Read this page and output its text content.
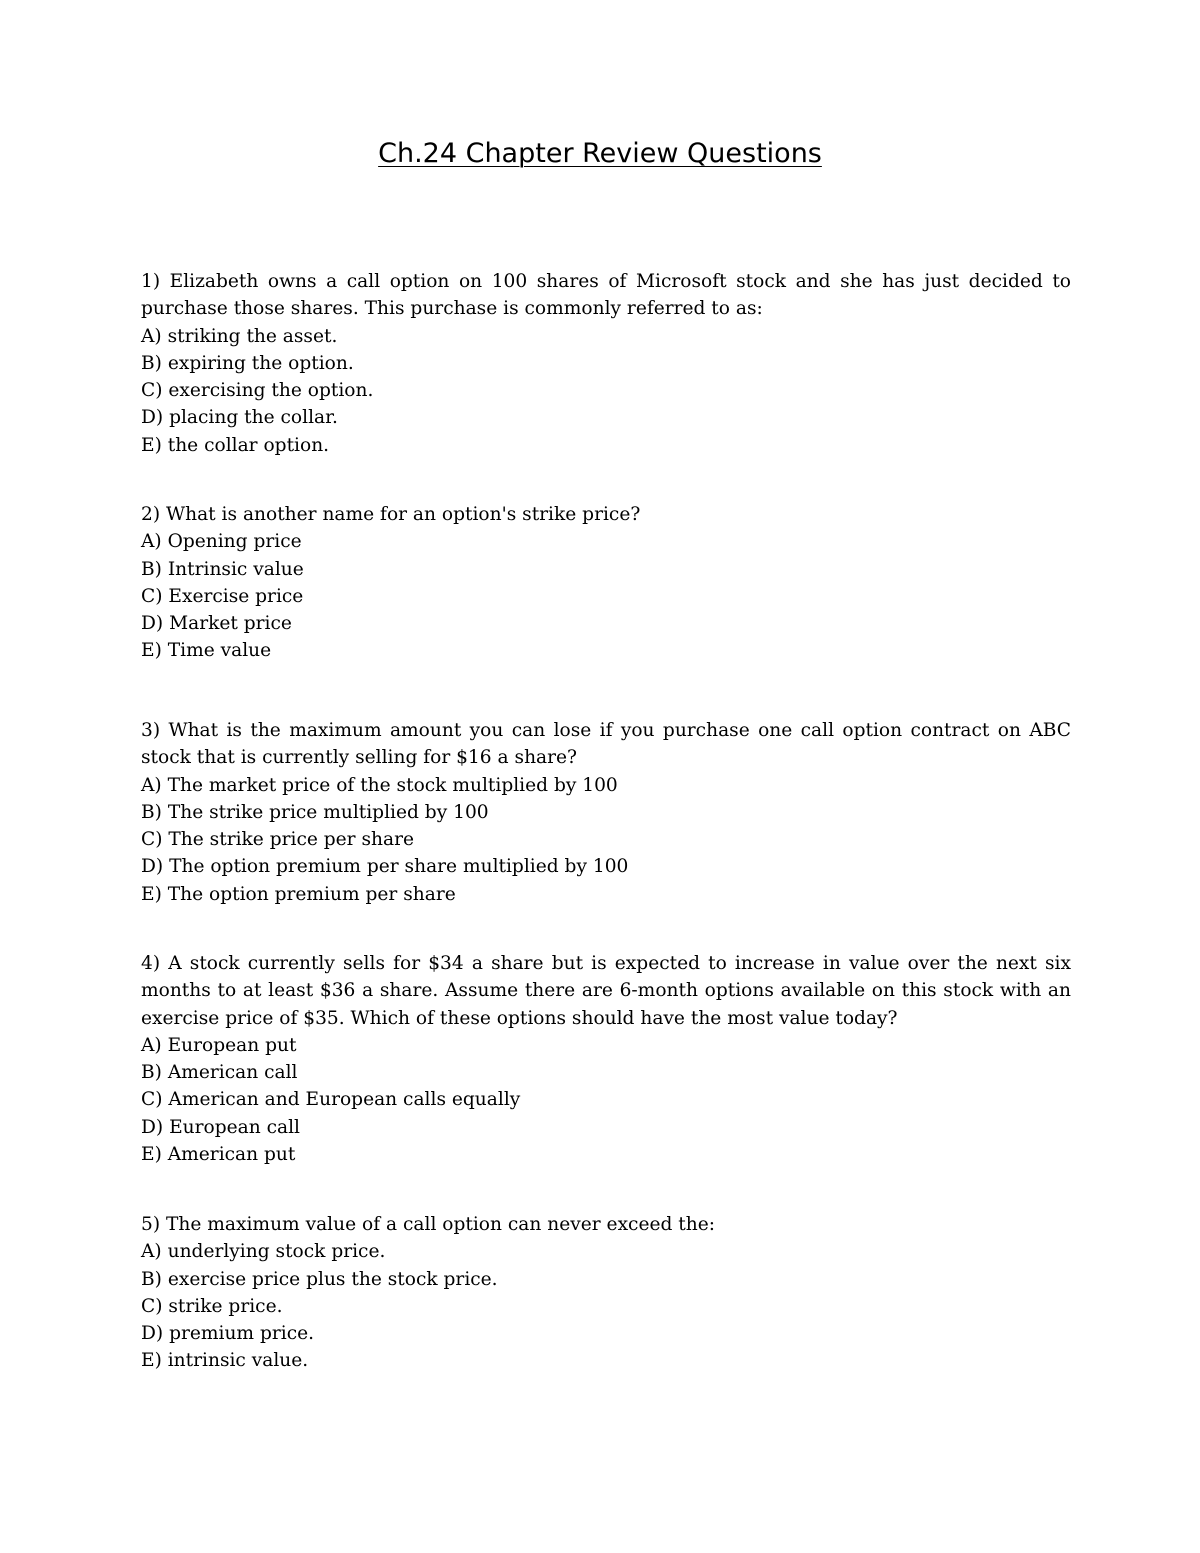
Ch.24 Chapter Review Questions

1) Elizabeth owns a call option on 100 shares of Microsoft stock and she has just decided to purchase those shares. This purchase is commonly referred to as:

A) striking the asset.

B) expiring the option.

C) exercising the option.

D) placing the collar.

E) the collar option.

2) What is another name for an option's strike price?

A) Opening price

B) Intrinsic value

C) Exercise price

D) Market price

E) Time value

3) What is the maximum amount you can lose if you purchase one call option contract on ABC stock that is currently selling for $16 a share?

A) The market price of the stock multiplied by 100

B) The strike price multiplied by 100

C) The strike price per share

D) The option premium per share multiplied by 100

E) The option premium per share

4) A stock currently sells for $34 a share but is expected to increase in value over the next six months to at least $36 a share. Assume there are 6-month options available on this stock with an exercise price of $35. Which of these options should have the most value today?

A) European put

B) American call

C) American and European calls equally

D) European call

E) American put

5) The maximum value of a call option can never exceed the:

A) underlying stock price.

B) exercise price plus the stock price.

C) strike price.

D) premium price.

E) intrinsic value.
